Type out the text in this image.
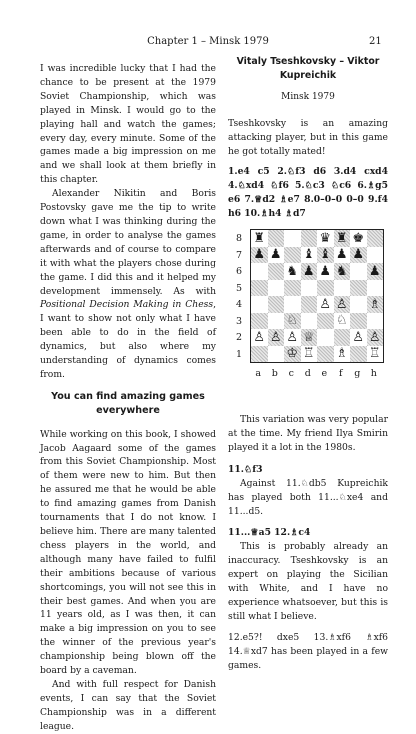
Chapter 1 – Minsk 1979	21

I was incredible lucky that I had the chance to be present at the 1979 Soviet Championship, which was played in Minsk. I would go to the playing hall and watch the games; every day, every minute. Some of the games made a big impression on me and we shall look at them briefly in this chapter.

Alexander Nikitin and Boris Postovsky gave me the tip to write down what I was thinking during the game, in order to analyse the games afterwards and of course to compare it with what the players chose during the game. I did this and it helped my development immensely. As with Positional Decision Making in Chess, I want to show not only what I have been able to do in the field of dynamics, but also where my understanding of dynamics comes from.

You can find amazing games everywhere

While working on this book, I showed Jacob Aagaard some of the games from this Soviet Championship. Most of them were new to him. But then he assured me that he would be able to find amazing games from Danish tournaments that I do not know. I believe him. There are many talented chess players in the world, and although many have failed to fulfil their ambitions because of various shortcomings, you will not see this in their best games. And when you are 11 years old, as I was then, it can make a big impression on you to see the winner of the previous year's championship being blown off the board by a caveman.

And with full respect for Danish events, I can say that the Soviet Championship was in a different league.

Vitaly Tseshkovsky – Viktor Kupreichik

Minsk 1979

Tseshkovsky is an amazing attacking player, but in this game he got totally mated!

1.e4 c5 2.♘f3 d6 3.d4 cxd4 4.♘xd4 ♘f6 5.♘c3 ♘c6 6.♗g5 e6 7.♕d2 ♗e7 8.0–0–0 0–0 9.f4 h6 10.♗h4 ♗d7

8
7
6
5
4
3
2
1
♜	♛ ♜ ♚
♟ ♟ ♝ ♝ ♟ ♟
♞ ♟ ♟ ♞ ♟
♙ ♙ ♗
♘	♘
♙ ♙ ♙ ♕	♙ ♙
♔ ♖ ♗ ♖
a	b	c	d	e	f	g	h

This variation was very popular at the time. My friend Ilya Smirin played it a lot in the 1980s.

11.♘f3

Against 11.♘db5 Kupreichik has played both 11...♘xe4 and 11...d5.

11...♕a5 12.♗c4

This is probably already an inaccuracy. Tseshkovsky is an expert on playing the Sicilian with White, and I have no experience whatsoever, but this is still what I believe.

12.e5?! dxe5 13.♗xf6 ♗xf6 14.♕xd7 has been played in a few games.
